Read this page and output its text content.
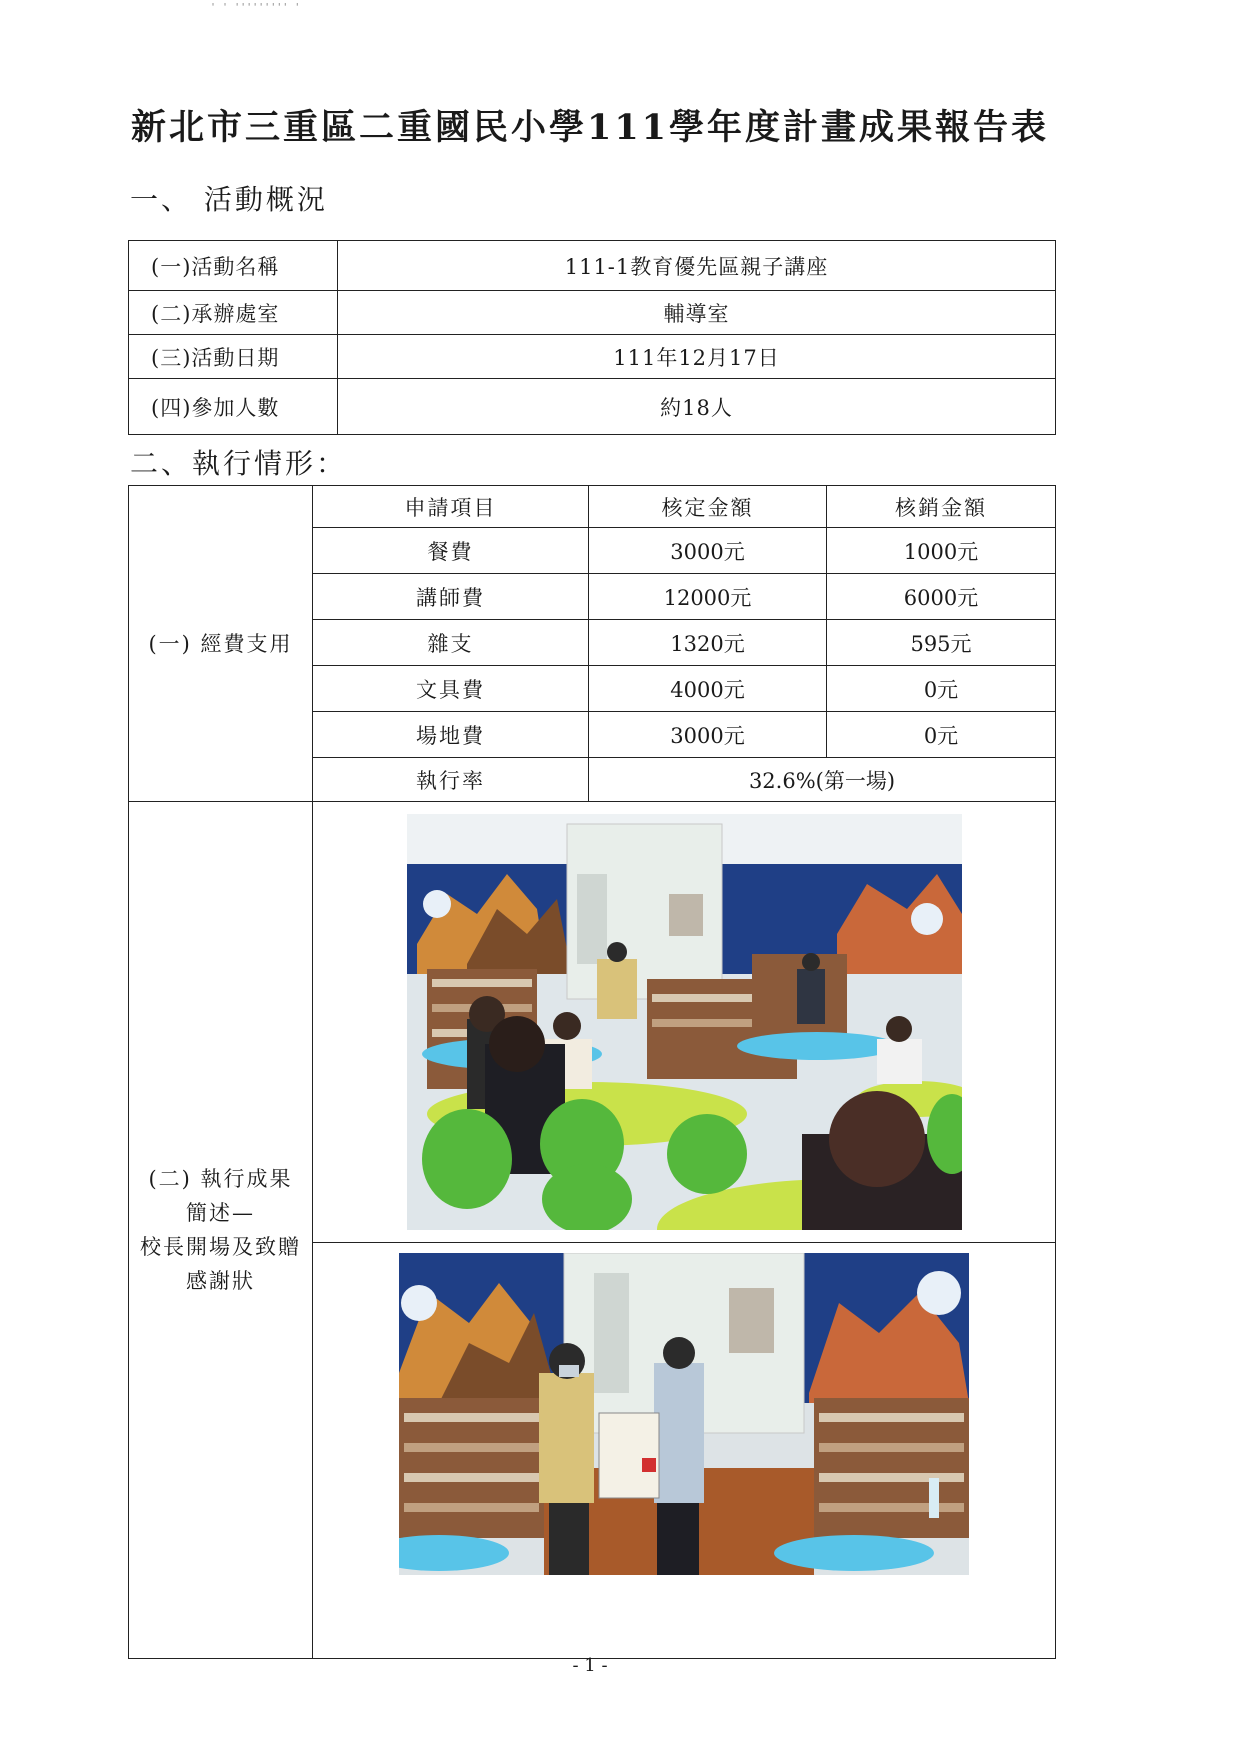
' ' ''''''''' '
新北市三重區二重國民小學111學年度計畫成果報告表
一、 活動概況
(一)活動名稱	111-1教育優先區親子講座
(二)承辦處室	輔導室
(三)活動日期	111年12月17日
(四)參加人數	約18人
二、執行情形：
(一) 經費支用	申請項目	核定金額	核銷金額
	餐費	3000元	1000元
	講師費	12000元	6000元
	雜支	1320元	595元
	文具費	4000元	0元
	場地費	3000元	0元
	執行率	32.6%(第一場)	

(二) 執行成果
簡述—
校長開場及致贈
感謝狀

- 1 -
